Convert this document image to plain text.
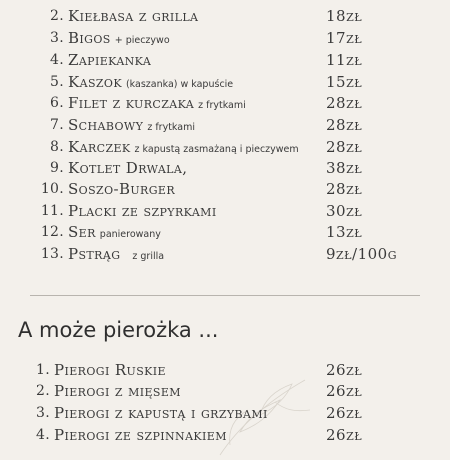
2. Kiełbasa z grilla	18zł
3. Bigos + pieczywo	17zł
4. Zapiekanka	11zł
5. Kaszok (kaszanka) w kapuście	15zł
6. Filet z kurczaka z frytkami	28zł
7. Schabowy z frytkami	28zł
8. Karczek z kapustą zasmażaną i pieczywem 28zł
9. Kotlet Drwala,	38zł
10. Soszo-Burger	28zł
11. Placki ze szpyrkami	30zł
12. Ser panierowany	13zł
13. Pstrąg z grilla	9zł/100g
A może pierożka ...
1. Pierogi Ruskie	26zł
2. Pierogi z mięsem	26zł
3. Pierogi z kapustą i grzybami	26zł
4. Pierogi ze szpinnakiem	26zł
